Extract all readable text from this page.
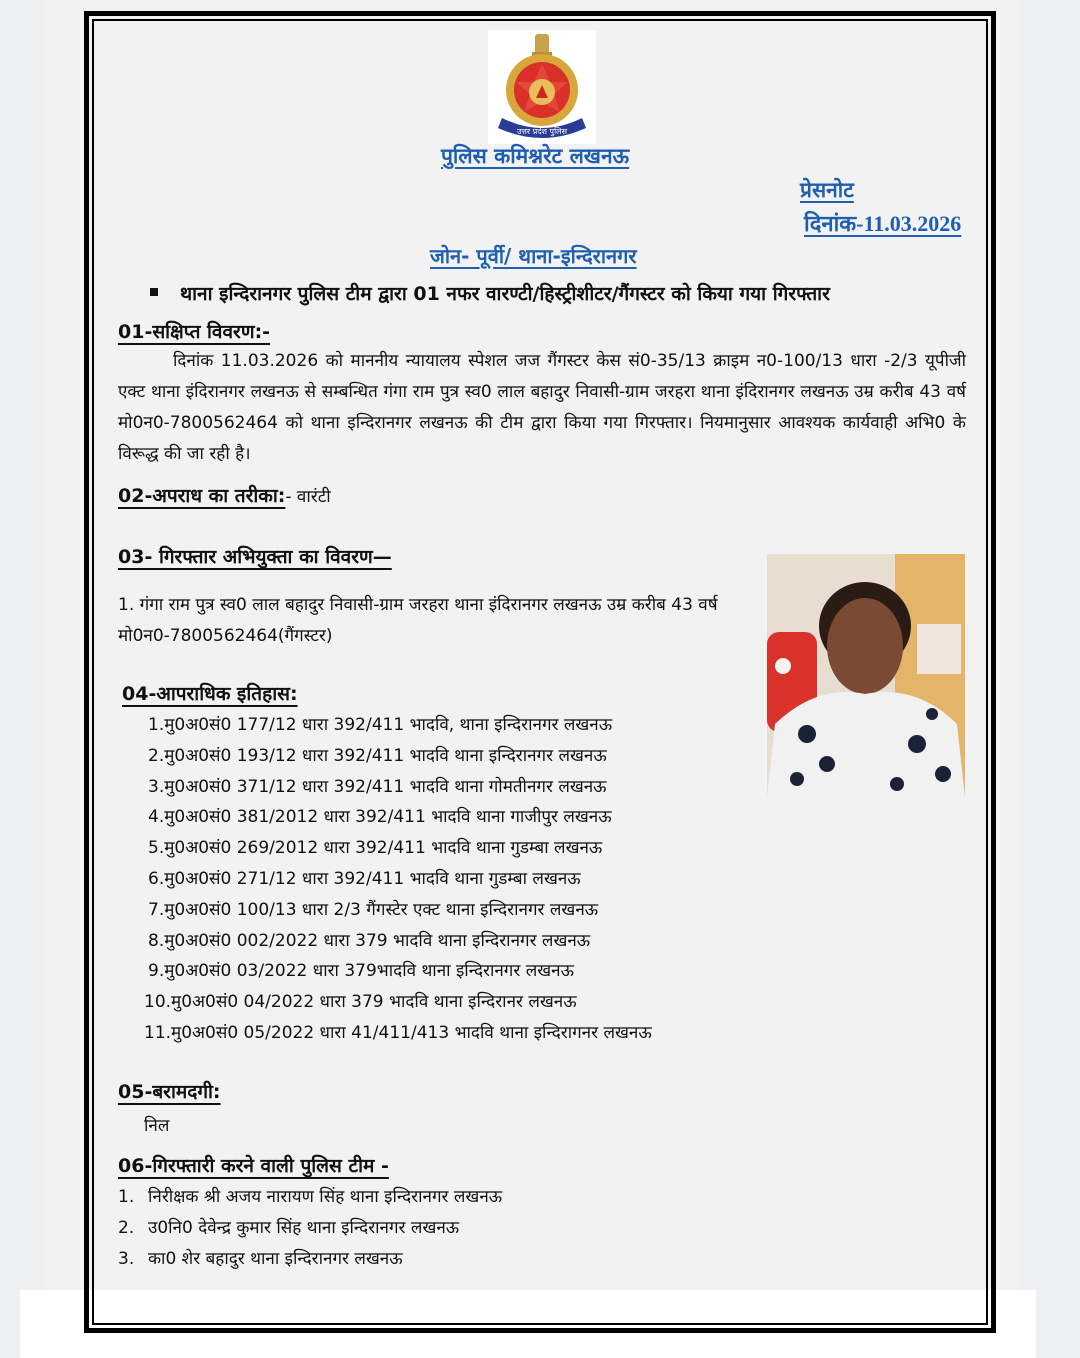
उत्तर प्रदेश पुलिस
पुलिस कमिश्नरेट लखनऊ
प्रेसनोट
दिनांक-11.03.2026
जोन- पूर्वी/ थाना-इन्दिरानगर
थाना इन्दिरानगर पुलिस टीम द्वारा 01 नफर वारण्टी/हिस्ट्रीशीटर/गैंगस्टर को किया गया गिरफ्तार
01-सक्षिप्त विवरण:-
दिनांक 11.03.2026 को माननीय न्यायालय स्पेशल जज गैंगस्टर केस सं0-35/13 क्राइम न0-100/13 धारा -2/3 यूपीजी एक्ट थाना इंदिरानगर लखनऊ से सम्बन्धित गंगा राम पुत्र स्व0 लाल बहादुर निवासी-ग्राम जरहरा थाना इंदिरानगर लखनऊ उम्र करीब 43 वर्ष मो0न0-7800562464 को थाना इन्दिरानगर लखनऊ की टीम द्वारा किया गया गिरफ्तार। नियमानुसार आवश्यक कार्यवाही अभि0 के विरूद्ध की जा रही है।
02-अपराध का तरीका:- वारंटी
03- गिरफ्तार अभियुक्ता का विवरण—
1. गंगा राम पुत्र स्व0 लाल बहादुर निवासी-ग्राम जरहरा थाना इंदिरानगर लखनऊ उम्र करीब 43 वर्ष मो0न0-7800562464(गैंगस्टर)
04-आपराधिक इतिहास:
1.मु0अ0सं0 177/12 धारा 392/411 भादवि, थाना इन्दिरानगर लखनऊ
2.मु0अ0सं0 193/12 धारा 392/411 भादवि थाना इन्दिरानगर लखनऊ
3.मु0अ0सं0 371/12 धारा 392/411 भादवि थाना गोमतीनगर लखनऊ
4.मु0अ0सं0 381/2012 धारा 392/411 भादवि थाना गाजीपुर लखनऊ
5.मु0अ0सं0 269/2012 धारा 392/411 भादवि थाना गुडम्बा लखनऊ
6.मु0अ0सं0 271/12 धारा 392/411 भादवि थाना गुडम्बा लखनऊ
7.मु0अ0सं0 100/13 धारा 2/3 गैंगस्टेर एक्ट थाना इन्दिरानगर लखनऊ
8.मु0अ0सं0 002/2022 धारा 379 भादवि थाना इन्दिरानगर लखनऊ
9.मु0अ0सं0 03/2022 धारा 379भादवि थाना इन्दिरानगर लखनऊ
10.मु0अ0सं0 04/2022 धारा 379 भादवि थाना इन्दिरानर लखनऊ
11.मु0अ0सं0 05/2022 धारा 41/411/413 भादवि थाना इन्दिरागनर लखनऊ
05-बरामदगी:
निल
06-गिरफ्तारी करने वाली पुलिस टीम -
1. निरीक्षक श्री अजय नारायण सिंह थाना इन्दिरानगर लखनऊ
2. उ0नि0 देवेन्द्र कुमार सिंह थाना इन्दिरानगर लखनऊ
3. का0 शेर बहादुर थाना इन्दिरानगर लखनऊ
